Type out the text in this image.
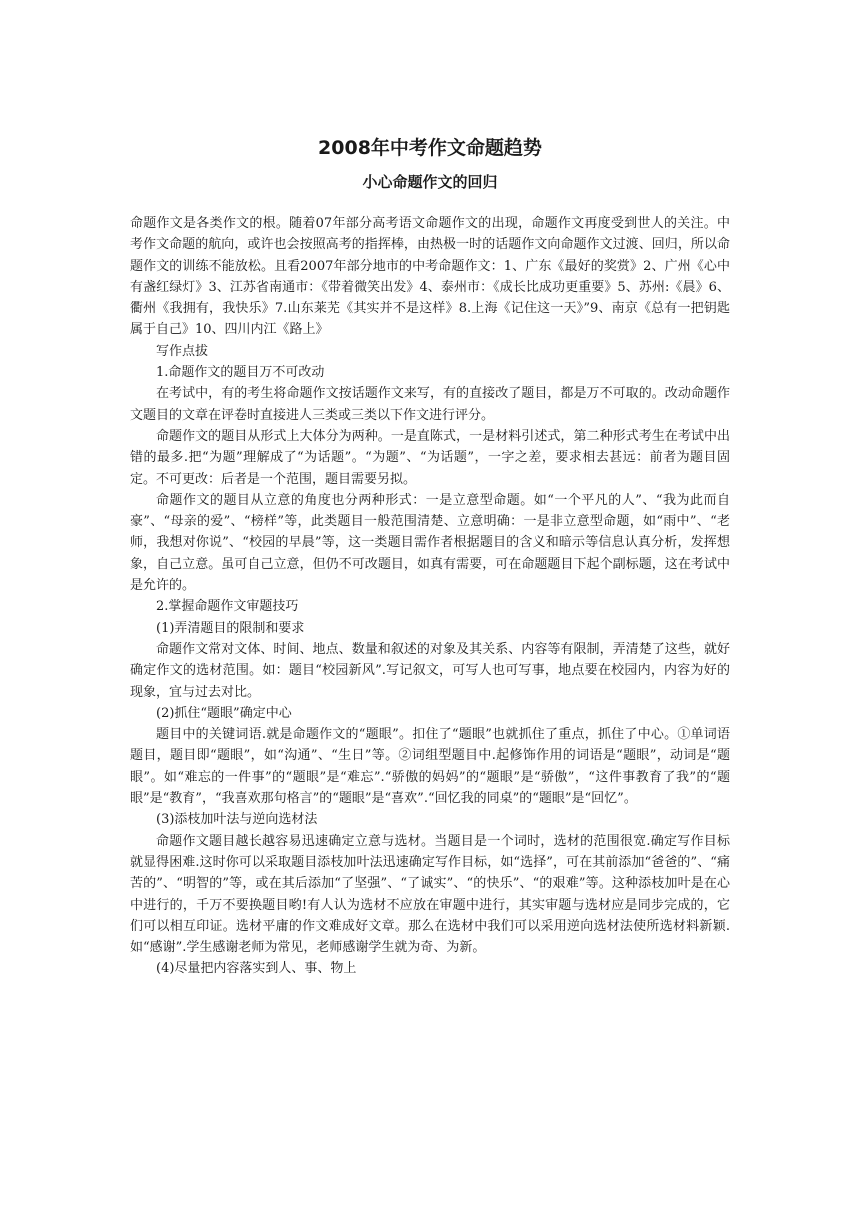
2008年中考作文命题趋势
小心命题作文的回归

命题作文是各类作文的根。随着07年部分高考语文命题作文的出现，命题作文再度受到世人的关注。中考作文命题的航向，或许也会按照高考的指挥棒，由热极一时的话题作文向命题作文过渡、回归，所以命题作文的训练不能放松。且看2007年部分地市的中考命题作文：1、广东《最好的奖赏》2、广州《心中有盏红绿灯》3、江苏省南通市：《带着微笑出发》4、泰州市：《成长比成功更重要》5、苏州:《晨》6、衢州《我拥有，我快乐》7.山东莱芜《其实并不是这样》8.上海《记住这一天》”9、南京《总有一把钥匙属于自己》10、四川内江《路上》

写作点拔

1.命题作文的题目万不可改动

在考试中，有的考生将命题作文按话题作文来写，有的直接改了题目，都是万不可取的。改动命题作文题目的文章在评卷时直接进人三类或三类以下作文进行评分。

命题作文的题目从形式上大体分为两种。一是直陈式，一是材料引述式，第二种形式考生在考试中出错的最多.把“为题”理解成了“为话题”。“为题”、“为话题”，一字之差，要求相去甚远：前者为题目固定。不可更改：后者是一个范围，题目需要另拟。

命题作文的题目从立意的角度也分两种形式：一是立意型命题。如“一个平凡的人”、“我为此而自豪”、“母亲的爱”、“榜样”等，此类题目一般范围清楚、立意明确：一是非立意型命题，如“雨中”、“老师，我想对你说”、“校园的早晨”等，这一类题目需作者根据题目的含义和暗示等信息认真分析，发挥想象，自己立意。虽可自己立意，但仍不可改题目，如真有需要，可在命题题目下起个副标题，这在考试中是允许的。

2.掌握命题作文审题技巧

(1)弄清题目的限制和要求

命题作文常对文体、时间、地点、数量和叙述的对象及其关系、内容等有限制，弄清楚了这些，就好确定作文的选材范围。如：题目“校园新风”.写记叙文，可写人也可写事，地点要在校园内，内容为好的现象，宜与过去对比。

(2)抓住“题眼”确定中心

题目中的关键词语.就是命题作文的“题眼”。扣住了“题眼”也就抓住了重点，抓住了中心。①单词语题目，题目即“题眼”，如“沟通”、“生日”等。②词组型题目中.起修饰作用的词语是“题眼”，动词是“题眼”。如“难忘的一件事”的“题眼”是“难忘”.“骄傲的妈妈”的“题眼”是“骄傲”，“这件事教育了我”的“题眼”是“教育”，“我喜欢那句格言”的“题眼”是“喜欢”.“回忆我的同桌”的“题眼”是“回忆”。

(3)添枝加叶法与逆向选材法

命题作文题目越长越容易迅速确定立意与选材。当题目是一个词时，选材的范围很宽.确定写作目标就显得困难.这时你可以采取题目添枝加叶法迅速确定写作目标，如“选择”，可在其前添加“爸爸的”、“痛苦的”、“明智的”等，或在其后添加“了坚强”、“了诚实”、“的快乐”、“的艰难”等。这种添枝加叶是在心中进行的，千万不要换题目哟!有人认为选材不应放在审题中进行，其实审题与选材应是同步完成的，它们可以相互印证。选材平庸的作文难成好文章。那么在选材中我们可以采用逆向选材法使所选材料新颖.如“感谢”.学生感谢老师为常见，老师感谢学生就为奇、为新。

(4)尽量把内容落实到人、事、物上
